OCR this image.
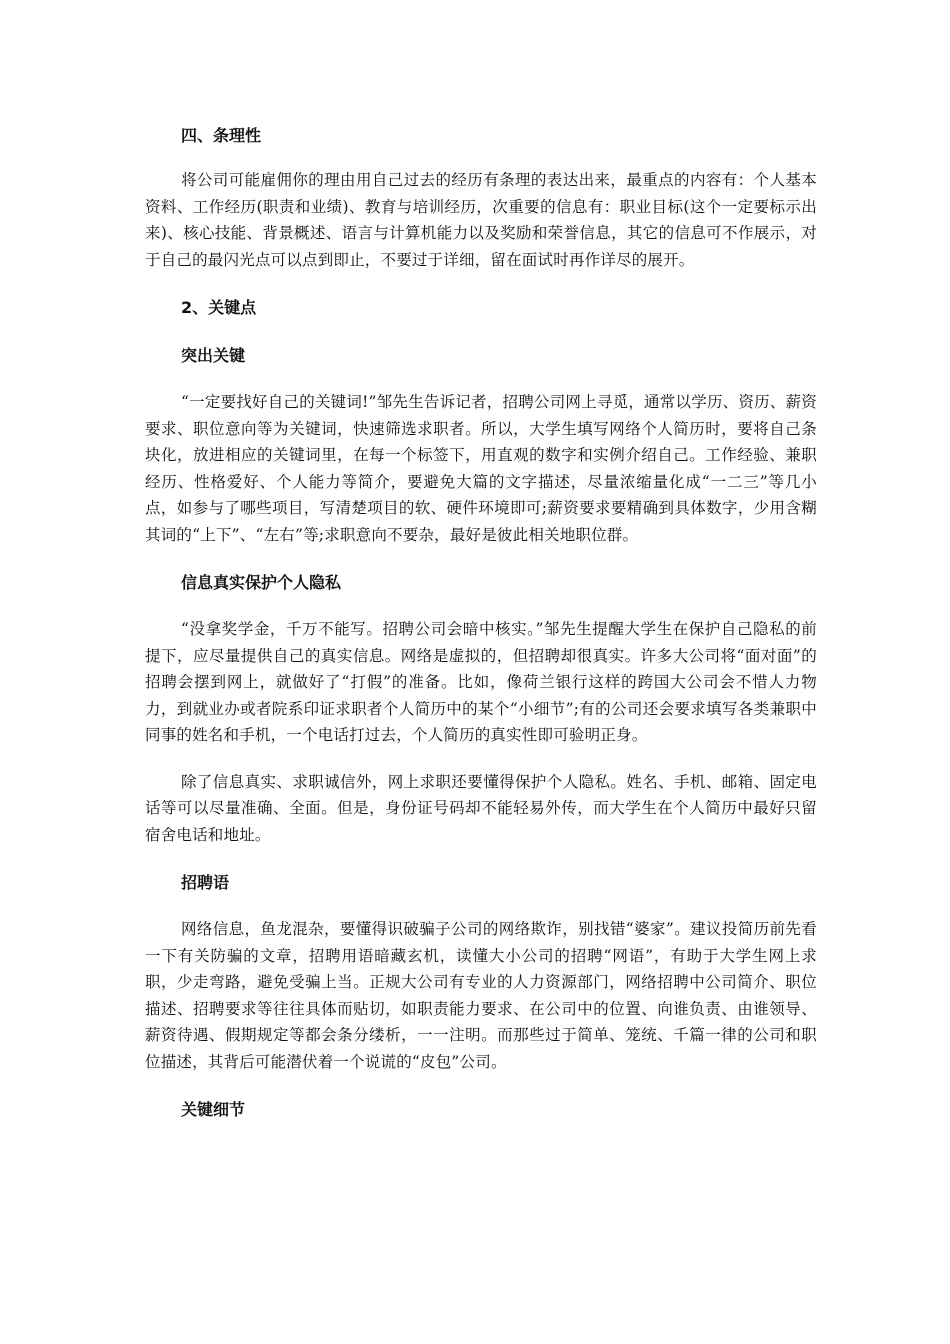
四、条理性

将公司可能雇佣你的理由用自己过去的经历有条理的表达出来，最重点的内容有：个人基本资料、工作经历(职责和业绩)、教育与培训经历，次重要的信息有：职业目标(这个一定要标示出来)、核心技能、背景概述、语言与计算机能力以及奖励和荣誉信息，其它的信息可不作展示，对于自己的最闪光点可以点到即止，不要过于详细，留在面试时再作详尽的展开。

2、关键点
突出关键

“一定要找好自己的关键词!”邹先生告诉记者，招聘公司网上寻觅，通常以学历、资历、薪资要求、职位意向等为关键词，快速筛选求职者。所以，大学生填写网络个人简历时，要将自己条块化，放进相应的关键词里，在每一个标签下，用直观的数字和实例介绍自己。工作经验、兼职经历、性格爱好、个人能力等简介，要避免大篇的文字描述，尽量浓缩量化成“一二三”等几小点，如参与了哪些项目，写清楚项目的软、硬件环境即可;薪资要求要精确到具体数字，少用含糊其词的“上下”、“左右”等;求职意向不要杂，最好是彼此相关地职位群。

信息真实保护个人隐私

“没拿奖学金，千万不能写。招聘公司会暗中核实。”邹先生提醒大学生在保护自己隐私的前提下，应尽量提供自己的真实信息。网络是虚拟的，但招聘却很真实。许多大公司将“面对面”的招聘会摆到网上，就做好了“打假”的准备。比如，像荷兰银行这样的跨国大公司会不惜人力物力，到就业办或者院系印证求职者个人简历中的某个“小细节”;有的公司还会要求填写各类兼职中同事的姓名和手机，一个电话打过去，个人简历的真实性即可验明正身。

除了信息真实、求职诚信外，网上求职还要懂得保护个人隐私。姓名、手机、邮箱、固定电话等可以尽量准确、全面。但是，身份证号码却不能轻易外传，而大学生在个人简历中最好只留宿舍电话和地址。

招聘语

网络信息，鱼龙混杂，要懂得识破骗子公司的网络欺诈，别找错“婆家”。建议投简历前先看一下有关防骗的文章，招聘用语暗藏玄机，读懂大小公司的招聘“网语”，有助于大学生网上求职，少走弯路，避免受骗上当。正规大公司有专业的人力资源部门，网络招聘中公司简介、职位描述、招聘要求等往往具体而贴切，如职责能力要求、在公司中的位置、向谁负责、由谁领导、薪资待遇、假期规定等都会条分缕析，一一注明。而那些过于简单、笼统、千篇一律的公司和职位描述，其背后可能潜伏着一个说谎的“皮包”公司。

关键细节
